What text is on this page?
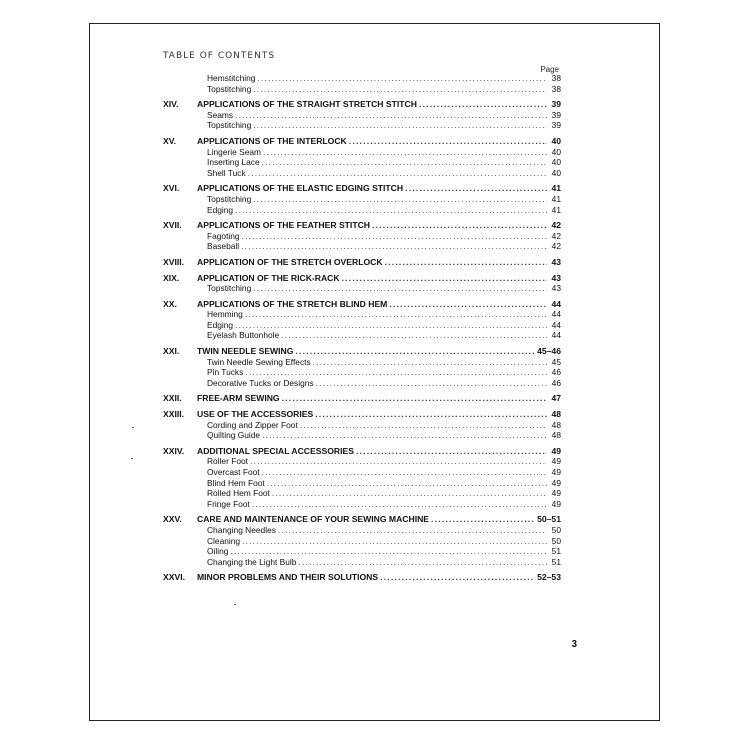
TABLE OF CONTENTS
Page
Hemstitching .....	38
Topstitching .....	38
XIV.	APPLICATIONS OF THE STRAIGHT STRETCH STITCH .....	39
Seams .....	39
Topstitching .....	39
XV.	APPLICATIONS OF THE INTERLOCK .....	40
Lingerie Seam .....	40
Inserting Lace .....	40
Shell Tuck .....	40
XVI.	APPLICATIONS OF THE ELASTIC EDGING STITCH .....	41
Topstitching .....	41
Edging .....	41
XVII.	APPLICATIONS OF THE FEATHER STITCH .....	42
Fagoting .....	42
Baseball .....	42
XVIII.	APPLICATION OF THE STRETCH OVERLOCK .....	43
XIX.	APPLICATION OF THE RICK-RACK .....	43
Topstitching .....	43
XX.	APPLICATIONS OF THE STRETCH BLIND HEM .....	44
Hemming .....	44
Edging .....	44
Eyelash Buttonhole .....	44
XXI.	TWIN NEEDLE SEWING .....	45–46
Twin Needle Sewing Effects .....	45
Pin Tucks .....	46
Decorative Tucks or Designs .....	46
XXII.	FREE-ARM SEWING .....	47
XXIII.	USE OF THE ACCESSORIES .....	48
Cording and Zipper Foot .....	48
Quilting Guide .....	48
XXIV.	ADDITIONAL SPECIAL ACCESSORIES .....	49
Roller Foot .....	49
Overcast Foot .....	49
Blind Hem Foot .....	49
Rolled Hem Foot .....	49
Fringe Foot .....	49
XXV.	CARE AND MAINTENANCE OF YOUR SEWING MACHINE .....	50–51
Changing Needles .....	50
Cleaning .....	50
Oiling .....	51
Changing the Light Bulb .....	51
XXVI.	MINOR PROBLEMS AND THEIR SOLUTIONS .....	52–53
3
